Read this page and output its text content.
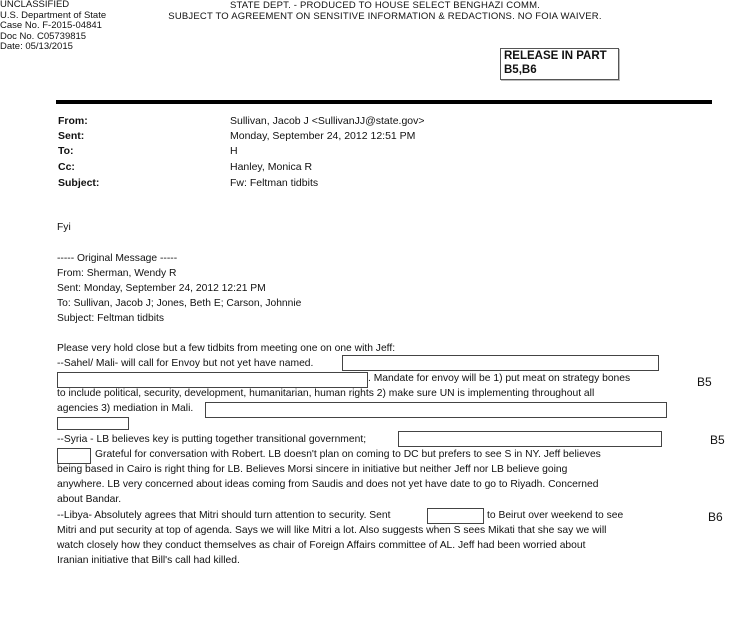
UNCLASSIFIED
U.S. Department of State
Case No. F-2015-04841
Doc No. C05739815
Date: 05/13/2015
STATE DEPT. - PRODUCED TO HOUSE SELECT BENGHAZI COMM.
SUBJECT TO AGREEMENT ON SENSITIVE INFORMATION & REDACTIONS. NO FOIA WAIVER.
RELEASE IN PART
B5,B6
From:	Sullivan, Jacob J <SullivanJJ@state.gov>
Sent:	Monday, September 24, 2012 12:51 PM
To:	H
Cc:	Hanley, Monica R
Subject:	Fw: Feltman tidbits
Fyi
----- Original Message -----
From: Sherman, Wendy R
Sent: Monday, September 24, 2012 12:21 PM
To: Sullivan, Jacob J; Jones, Beth E; Carson, Johnnie
Subject: Feltman tidbits
Please very hold close but a few tidbits from meeting one on one with Jeff:
--Sahel/ Mali- will call for Envoy but not yet have named.
. Mandate for envoy will be 1) put meat on strategy bones	B5
to include political, security, development, humanitarian, human rights 2) make sure UN is implementing throughout all
agencies 3) mediation in Mali.
--Syria - LB believes key is putting together transitional government;	B5
Grateful for conversation with Robert. LB doesn't plan on coming to DC but prefers to see S in NY. Jeff believes
being based in Cairo is right thing for LB. Believes Morsi sincere in initiative but neither Jeff nor LB believe going
anywhere. LB very concerned about ideas coming from Saudis and does not yet have date to go to Riyadh. Concerned
about Bandar.
--Libya- Absolutely agrees that Mitri should turn attention to security. Sent	to Beirut over weekend to see	B6
Mitri and put security at top of agenda. Says we will like Mitri a lot. Also suggests when S sees Mikati that she say we will
watch closely how they conduct themselves as chair of Foreign Affairs committee of AL. Jeff had been worried about
Iranian initiative that Bill's call had killed.
